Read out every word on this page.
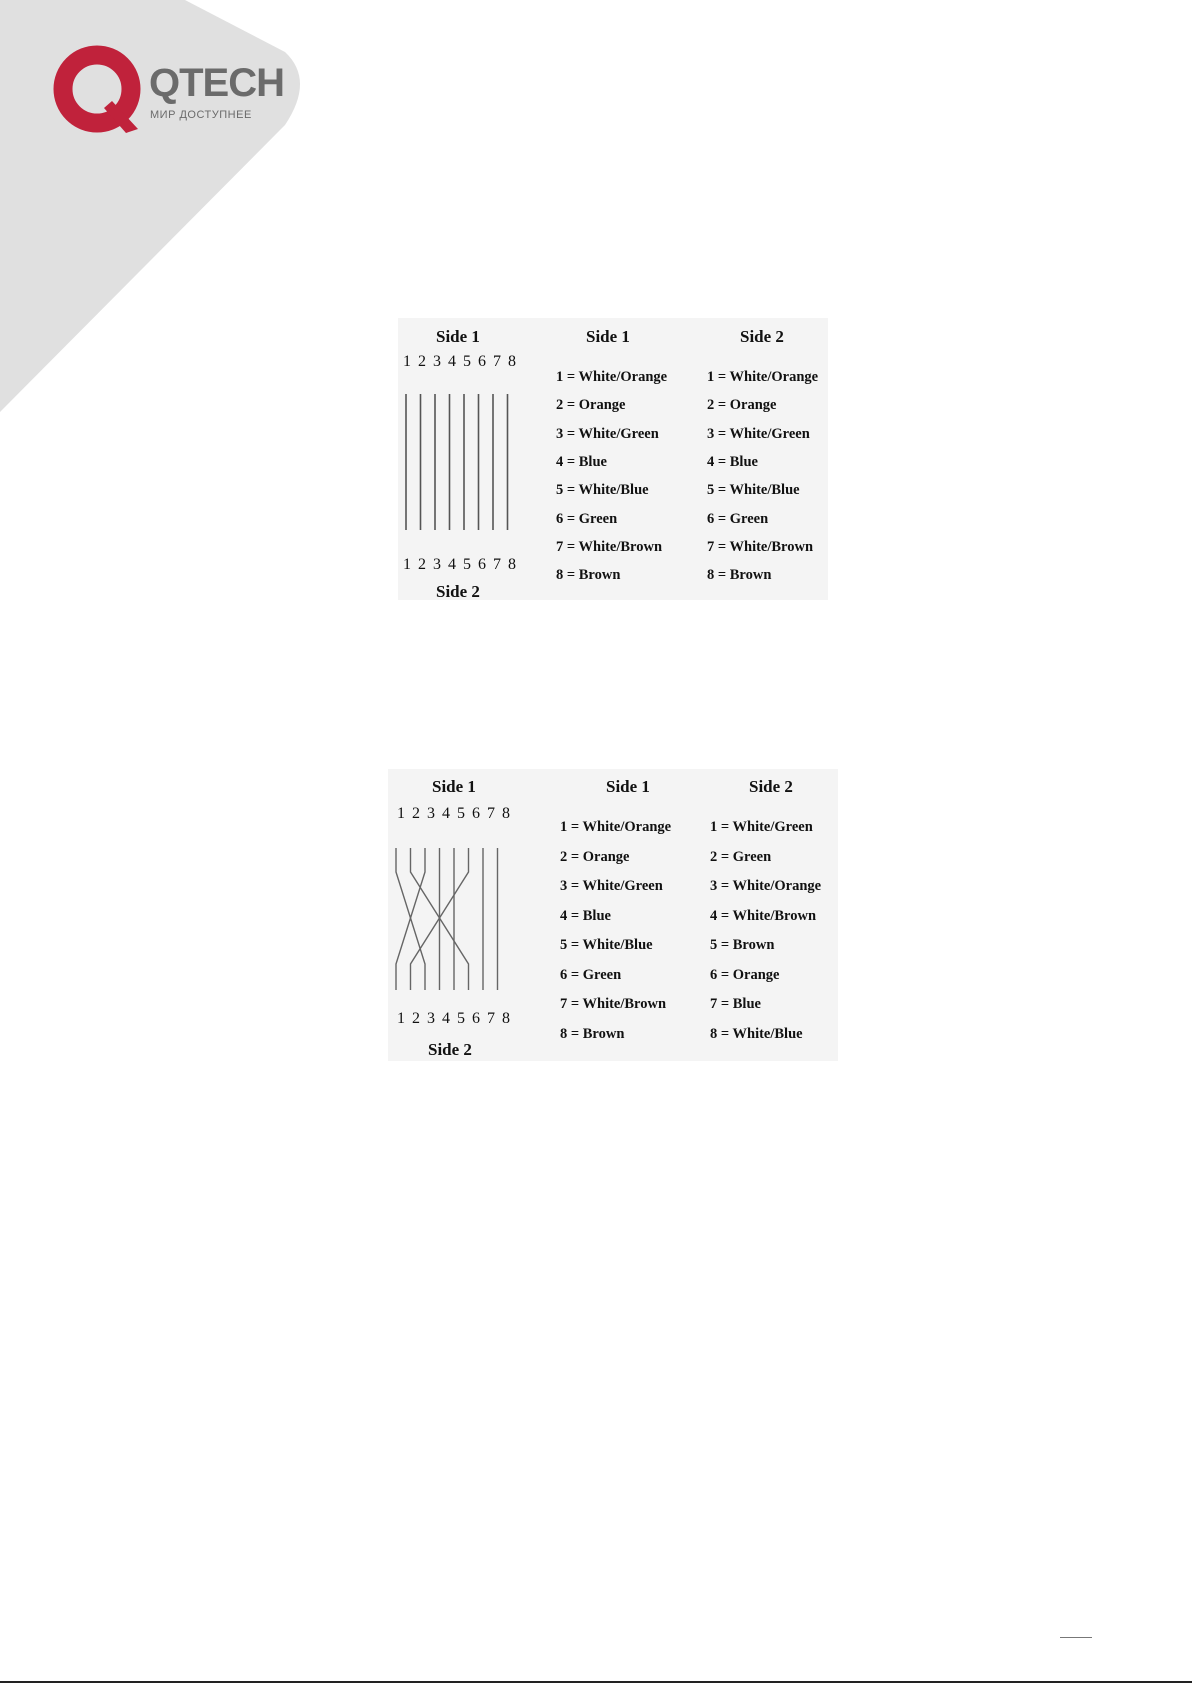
QTECH
МИР ДОСТУПНЕЕ
Side 1
1 2 3 4 5 6 7 8
1 2 3 4 5 6 7 8
Side 2
Side 1	Side 2
1 = White/Orange	1 = White/Orange
2 = Orange	2 = Orange
3 = White/Green	3 = White/Green
4 = Blue	4 = Blue
5 = White/Blue	5 = White/Blue
6 = Green	6 = Green
7 = White/Brown	7 = White/Brown
8 = Brown	8 = Brown
Side 1
1 2 3 4 5 6 7 8
1 2 3 4 5 6 7 8
Side 2
Side 1	Side 2
1 = White/Orange	1 = White/Green
2 = Orange	2 = Green
3 = White/Green	3 = White/Orange
4 = Blue	4 = White/Brown
5 = White/Blue	5 = Brown
6 = Green	6 = Orange
7 = White/Brown	7 = Blue
8 = Brown	8 = White/Blue
